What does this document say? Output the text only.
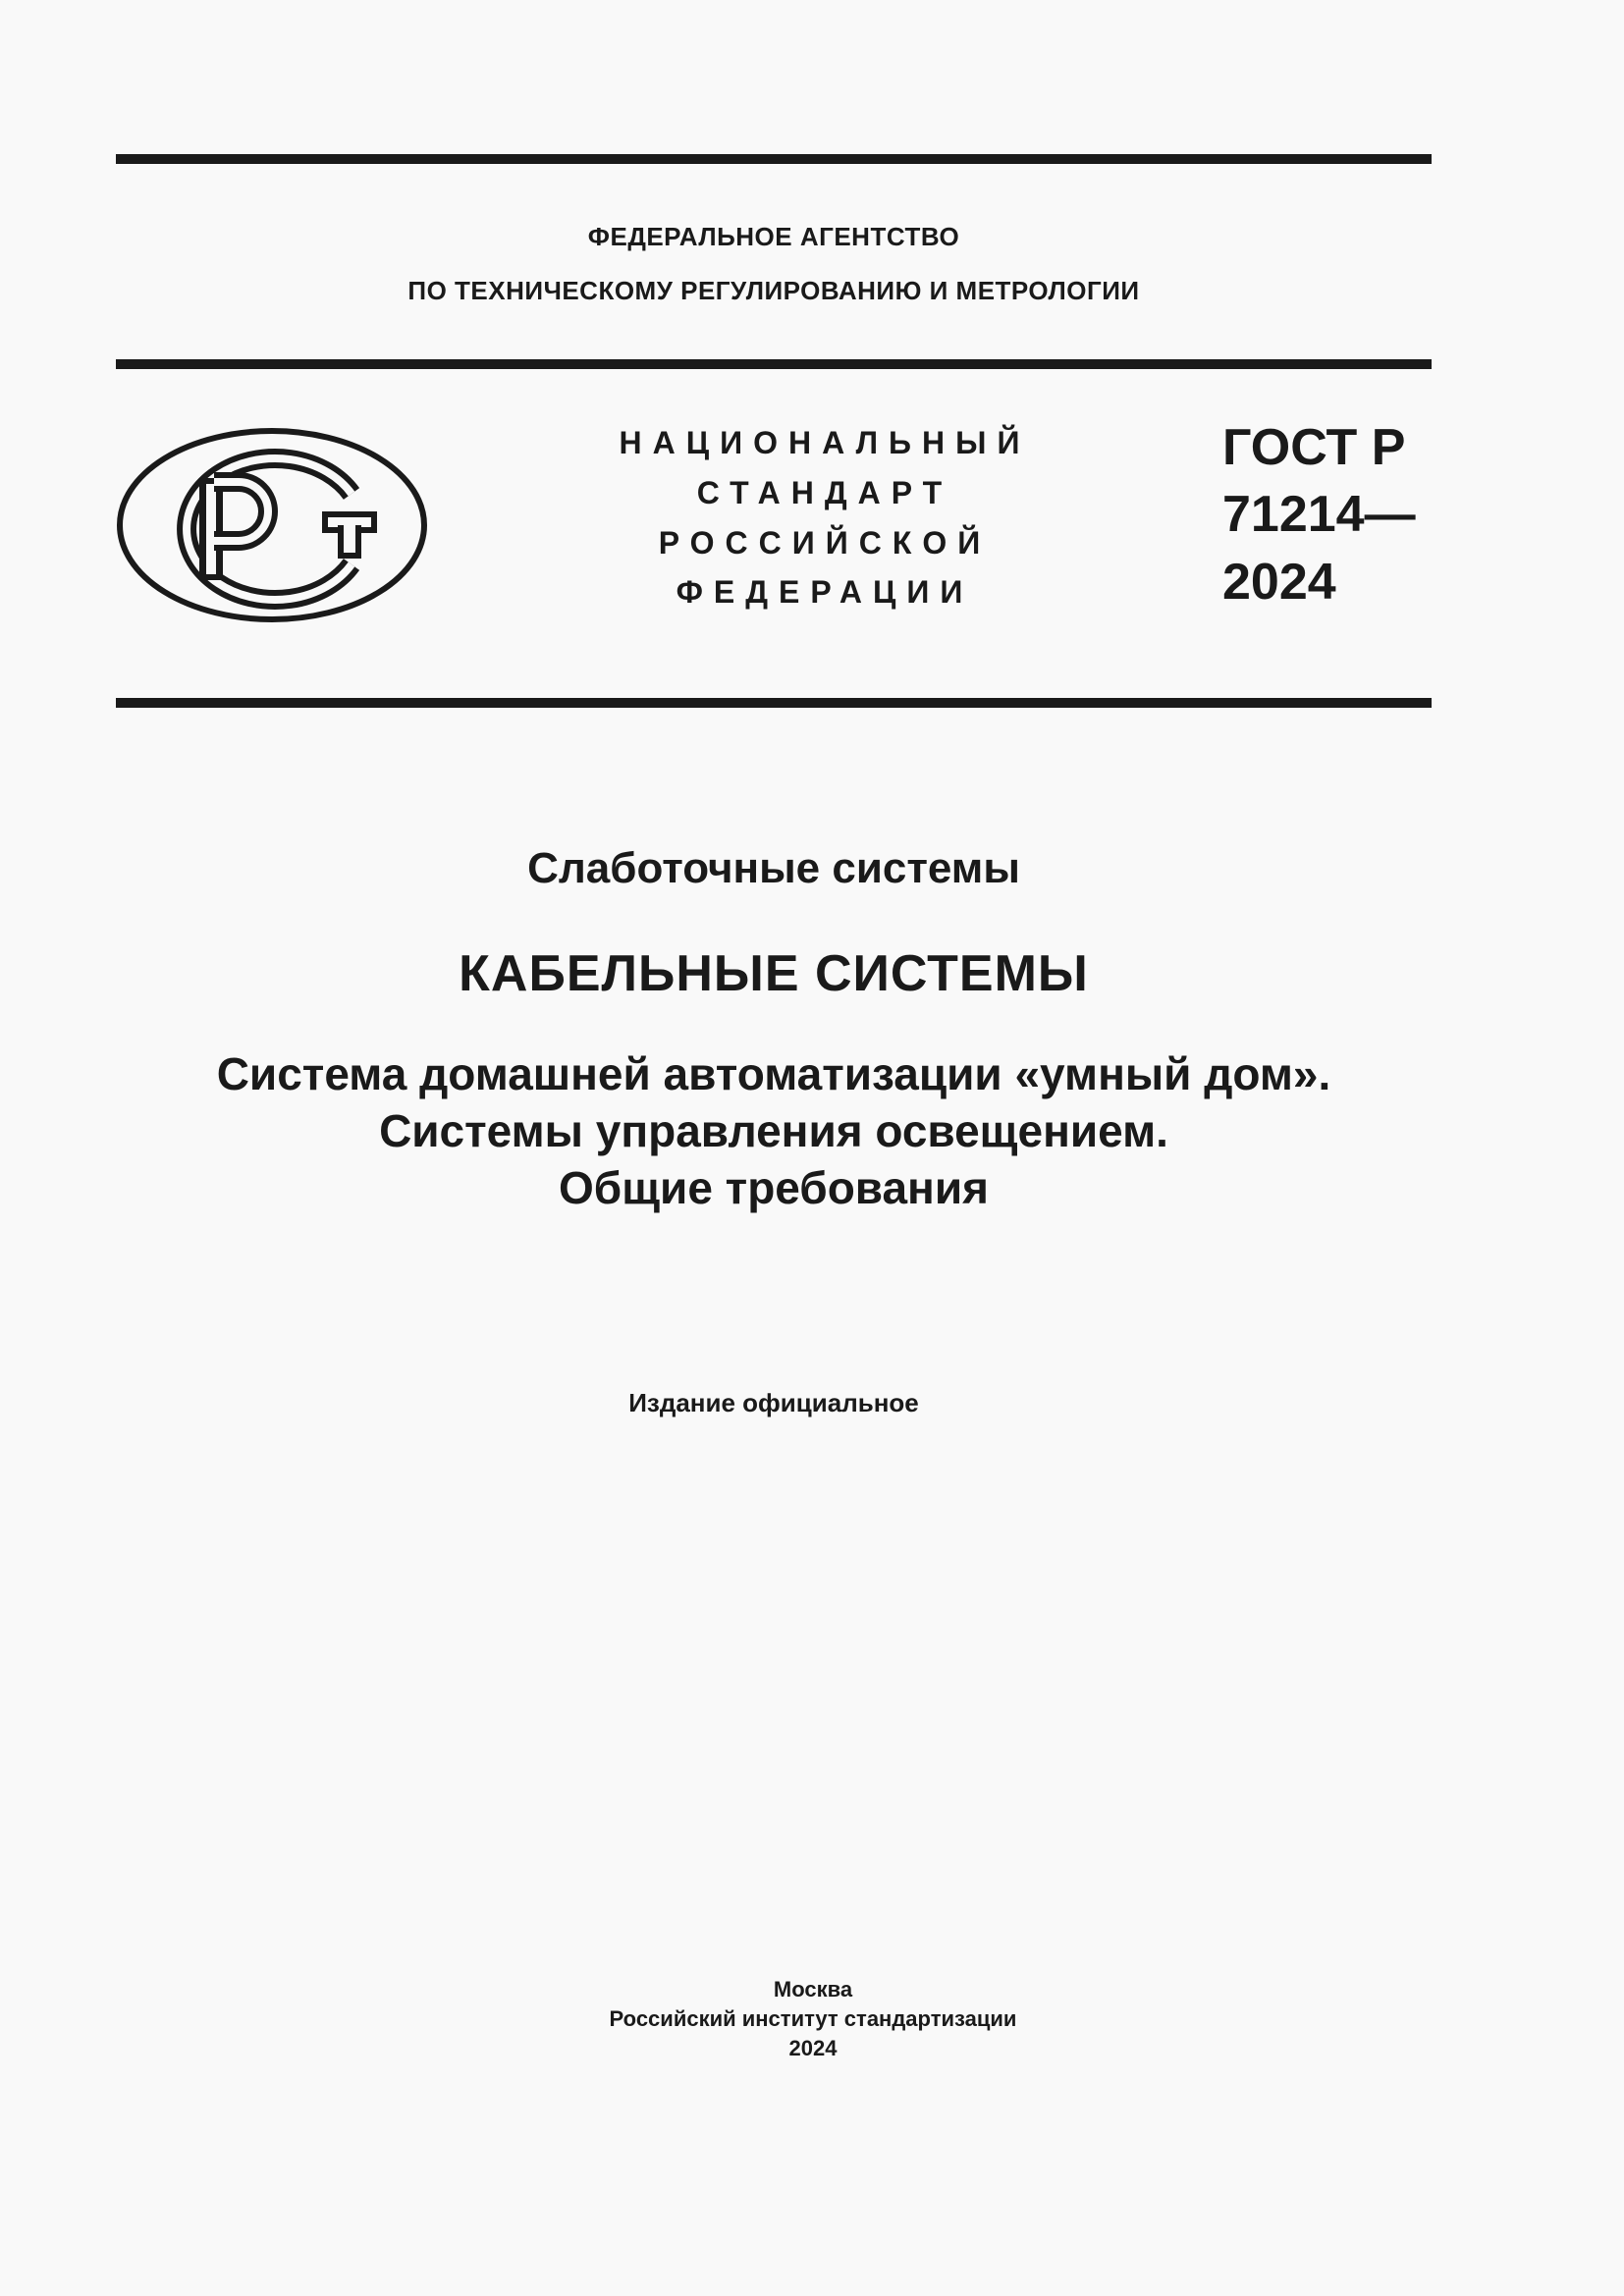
ФЕДЕРАЛЬНОЕ АГЕНТСТВО
ПО ТЕХНИЧЕСКОМУ РЕГУЛИРОВАНИЮ И МЕТРОЛОГИИ
НАЦИОНАЛЬНЫЙ
СТАНДАРТ
РОССИЙСКОЙ
ФЕДЕРАЦИИ
ГОСТ Р
71214—
2024
Слаботочные системы
КАБЕЛЬНЫЕ СИСТЕМЫ
Система домашней автоматизации «умный дом».
Системы управления освещением.
Общие требования
Издание официальное
Москва
Российский институт стандартизации
2024
